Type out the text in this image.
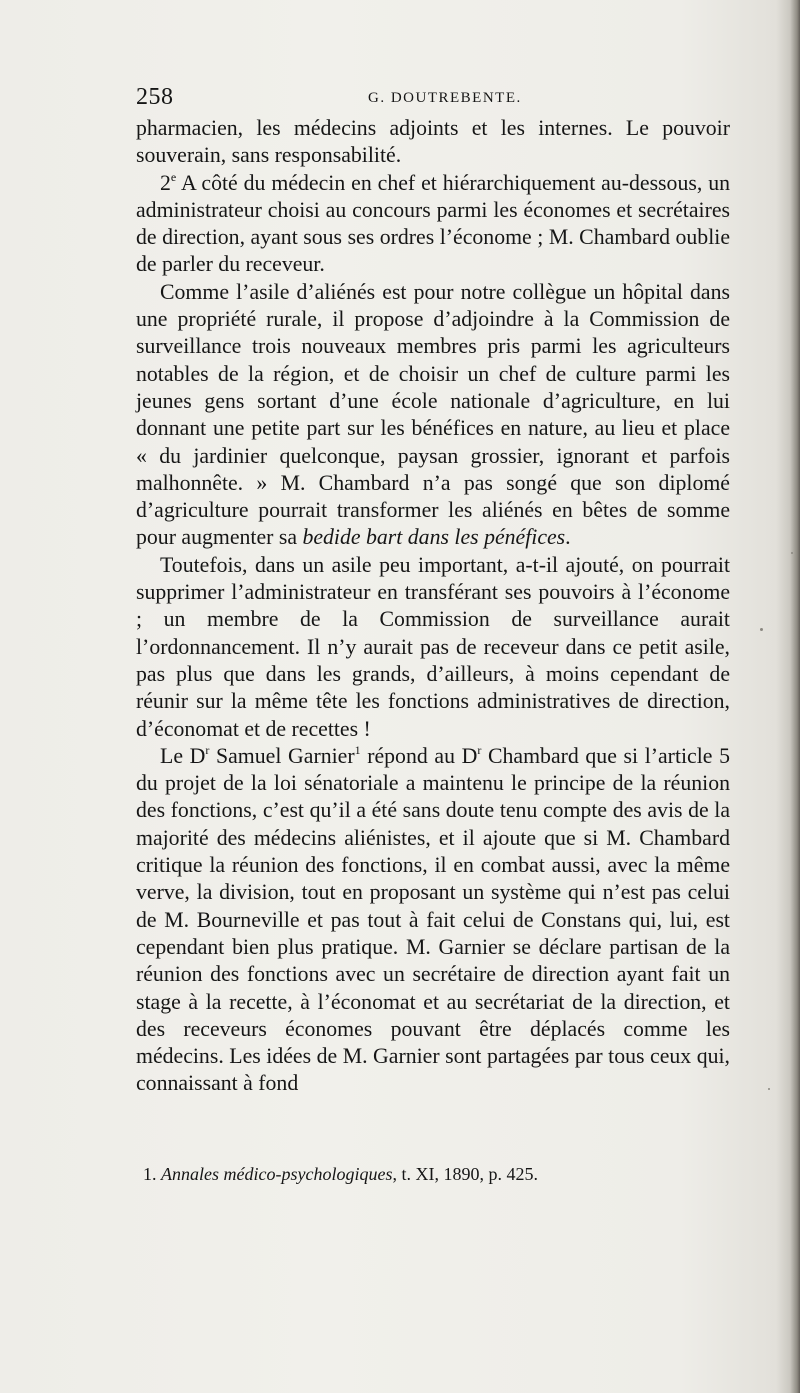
258	G. DOUTREBENTE.

pharmacien, les médecins adjoints et les internes. Le pouvoir souverain, sans responsabilité.

2e A côté du médecin en chef et hiérarchiquement au-dessous, un administrateur choisi au concours parmi les économes et secrétaires de direction, ayant sous ses ordres l’économe ; M. Chambard oublie de parler du receveur.

Comme l’asile d’aliénés est pour notre collègue un hôpital dans une propriété rurale, il propose d’adjoindre à la Commission de surveillance trois nouveaux membres pris parmi les agriculteurs notables de la région, et de choisir un chef de culture parmi les jeunes gens sortant d’une école nationale d’agriculture, en lui donnant une petite part sur les bénéfices en nature, au lieu et place « du jardinier quelconque, paysan grossier, ignorant et parfois malhonnête. » M. Chambard n’a pas songé que son diplomé d’agriculture pourrait transformer les aliénés en bêtes de somme pour augmenter sa bedide bart dans les pénéfices.

Toutefois, dans un asile peu important, a-t-il ajouté, on pourrait supprimer l’administrateur en transférant ses pouvoirs à l’économe ; un membre de la Commission de surveillance aurait l’ordonnancement. Il n’y aurait pas de receveur dans ce petit asile, pas plus que dans les grands, d’ailleurs, à moins cependant de réunir sur la même tête les fonctions administratives de direction, d’économat et de recettes !

Le $D^r$ Samuel Garnier$^1$ répond au $D^r$ Chambard que si l’article 5 du projet de la loi sénatoriale a maintenu le principe de la réunion des fonctions, c’est qu’il a été sans doute tenu compte des avis de la majorité des médecins aliénistes, et il ajoute que si M. Chambard critique la réunion des fonctions, il en combat aussi, avec la même verve, la division, tout en proposant un système qui n’est pas celui de M. Bourneville et pas tout à fait celui de Constans qui, lui, est cependant bien plus pratique. M. Garnier se déclare partisan de la réunion des fonctions avec un secrétaire de direction ayant fait un stage à la recette, à l’économat et au secrétariat de la direction, et des receveurs économes pouvant être déplacés comme les médecins. Les idées de M. Garnier sont partagées par tous ceux qui, connaissant à fond

1. Annales médico-psychologiques, t. XI, 1890, p. 425.
